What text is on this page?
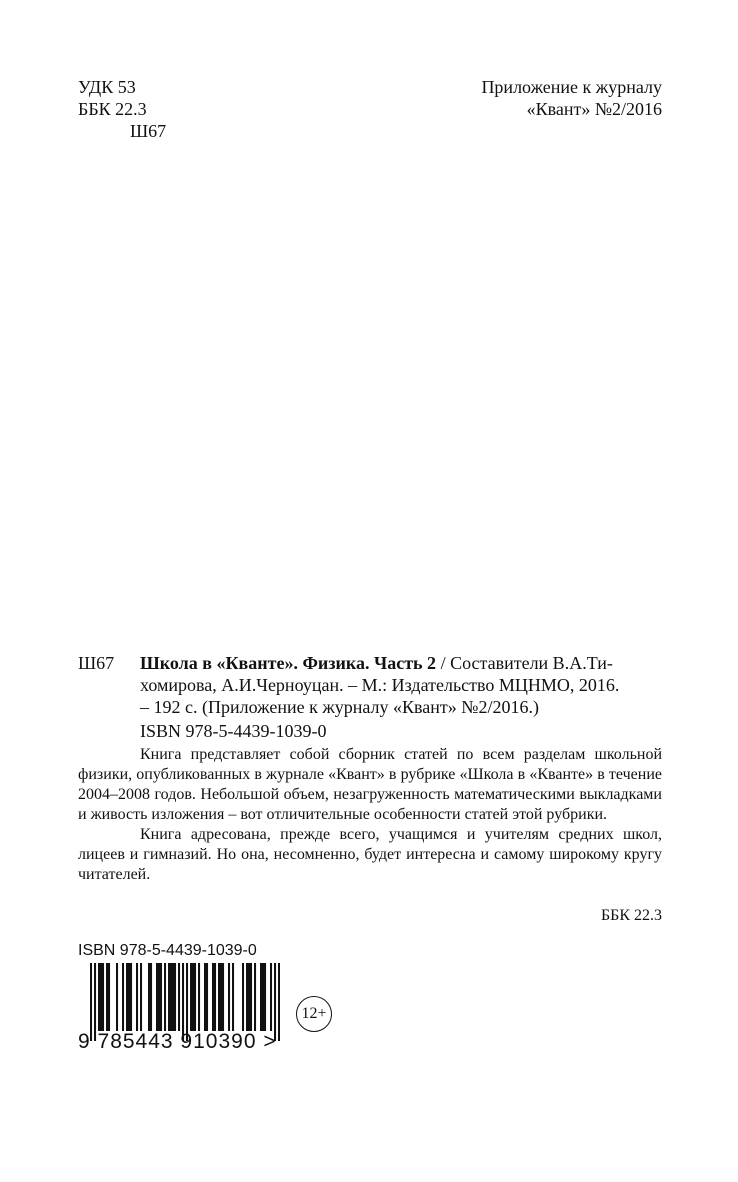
УДК 53
ББК 22.3
Ш67
Приложение к журналу
«Квант» №2/2016
Ш67 Школа в «Кванте». Физика. Часть 2 / Составители В.А.Ти-
хомирова, А.И.Черноуцан. – М.: Издательство МЦНМО, 2016.
– 192 с. (Приложение к журналу «Квант» №2/2016.)
ISBN 978-5-4439-1039-0

Книга представляет собой сборник статей по всем разделам школьной физики, опубликованных в журнале «Квант» в рубрике «Школа в «Кванте» в течение 2004–2008 годов. Небольшой объем, незагруженность математическими выкладками и живость изложения – вот отличительные особенности статей этой рубрики.

Книга адресована, прежде всего, учащимся и учителям средних школ, лицеев и гимназий. Но она, несомненно, будет интересна и самому широкому кругу читателей.

ББК 22.3
ISBN 978-5-4439-1039-0
9 785443 910390 >
12+
